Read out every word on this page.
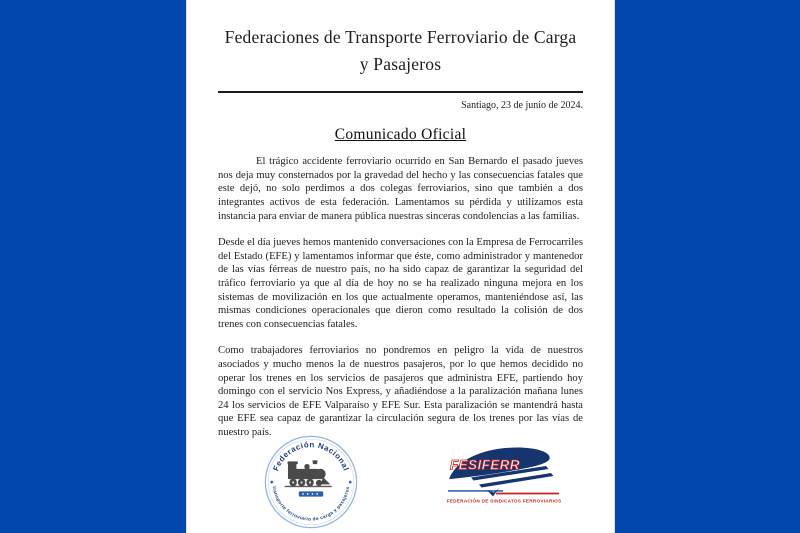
Federaciones de Transporte Ferroviario de Carga y Pasajeros
Santiago, 23 de junio de 2024.
Comunicado Oficial

El trágico accidente ferroviario ocurrido en San Bernardo el pasado jueves nos deja muy consternados por la gravedad del hecho y las consecuencias fatales que este dejó, no solo perdimos a dos colegas ferroviarios, sino que también a dos integrantes activos de esta federación. Lamentamos su pérdida y utilizamos esta instancia para enviar de manera pública nuestras sinceras condolencias a las familias.

Desde el día jueves hemos mantenido conversaciones con la Empresa de Ferrocarriles del Estado (EFE) y lamentamos informar que éste, como administrador y mantenedor de las vías férreas de nuestro país, no ha sido capaz de garantizar la seguridad del tráfico ferroviario ya que al día de hoy no se ha realizado ninguna mejora en los sistemas de movilización en los que actualmente operamos, manteniéndose así, las mismas condiciones operacionales que dieron como resultado la colisión de dos trenes con consecuencias fatales.

Como trabajadores ferroviarios no pondremos en peligro la vida de nuestros asociados y mucho menos la de nuestros pasajeros, por lo que hemos decidido no operar los trenes en los servicios de pasajeros que administra EFE, partiendo hoy domingo con el servicio Nos Express, y añadiéndose a la paralización mañana lunes 24 los servicios de EFE Valparaíso y EFE Sur. Esta paralización se mantendrá hasta que EFE sea capaz de garantizar la circulación segura de los trenes por las vías de nuestro país.

Federación Nacional
transporte ferroviario de carga y pasajeros
FESIFERR
FEDERACIÓN DE SINDICATOS FERROVIARIOS
